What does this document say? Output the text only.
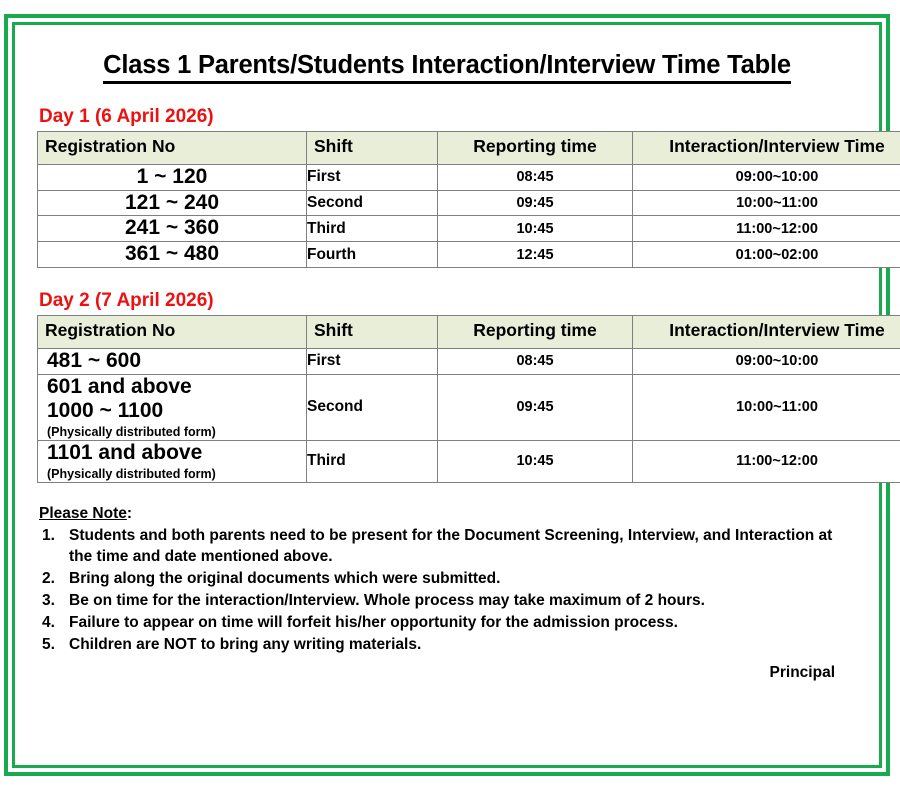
Class 1 Parents/Students Interaction/Interview Time Table
Day 1 (6 April 2026)
Registration No	Shift	Reporting time	Interaction/Interview Time
1 ~ 120	First	08:45	09:00~10:00
121 ~ 240	Second	09:45	10:00~11:00
241 ~ 360	Third	10:45	11:00~12:00
361 ~ 480	Fourth	12:45	01:00~02:00
Day 2 (7 April 2026)
Registration No	Shift	Reporting time	Interaction/Interview Time
481 ~ 600	First	08:45	09:00~10:00
601 and above
1000 ~ 1100
(Physically distributed form)	Second	09:45	10:00~11:00
1101 and above
(Physically distributed form)	Third	10:45	11:00~12:00
Please Note:
1. Students and both parents need to be present for the Document Screening, Interview, and Interaction at the time and date mentioned above.
2. Bring along the original documents which were submitted.
3. Be on time for the interaction/Interview. Whole process may take maximum of 2 hours.
4. Failure to appear on time will forfeit his/her opportunity for the admission process.
5. Children are NOT to bring any writing materials.
Principal
